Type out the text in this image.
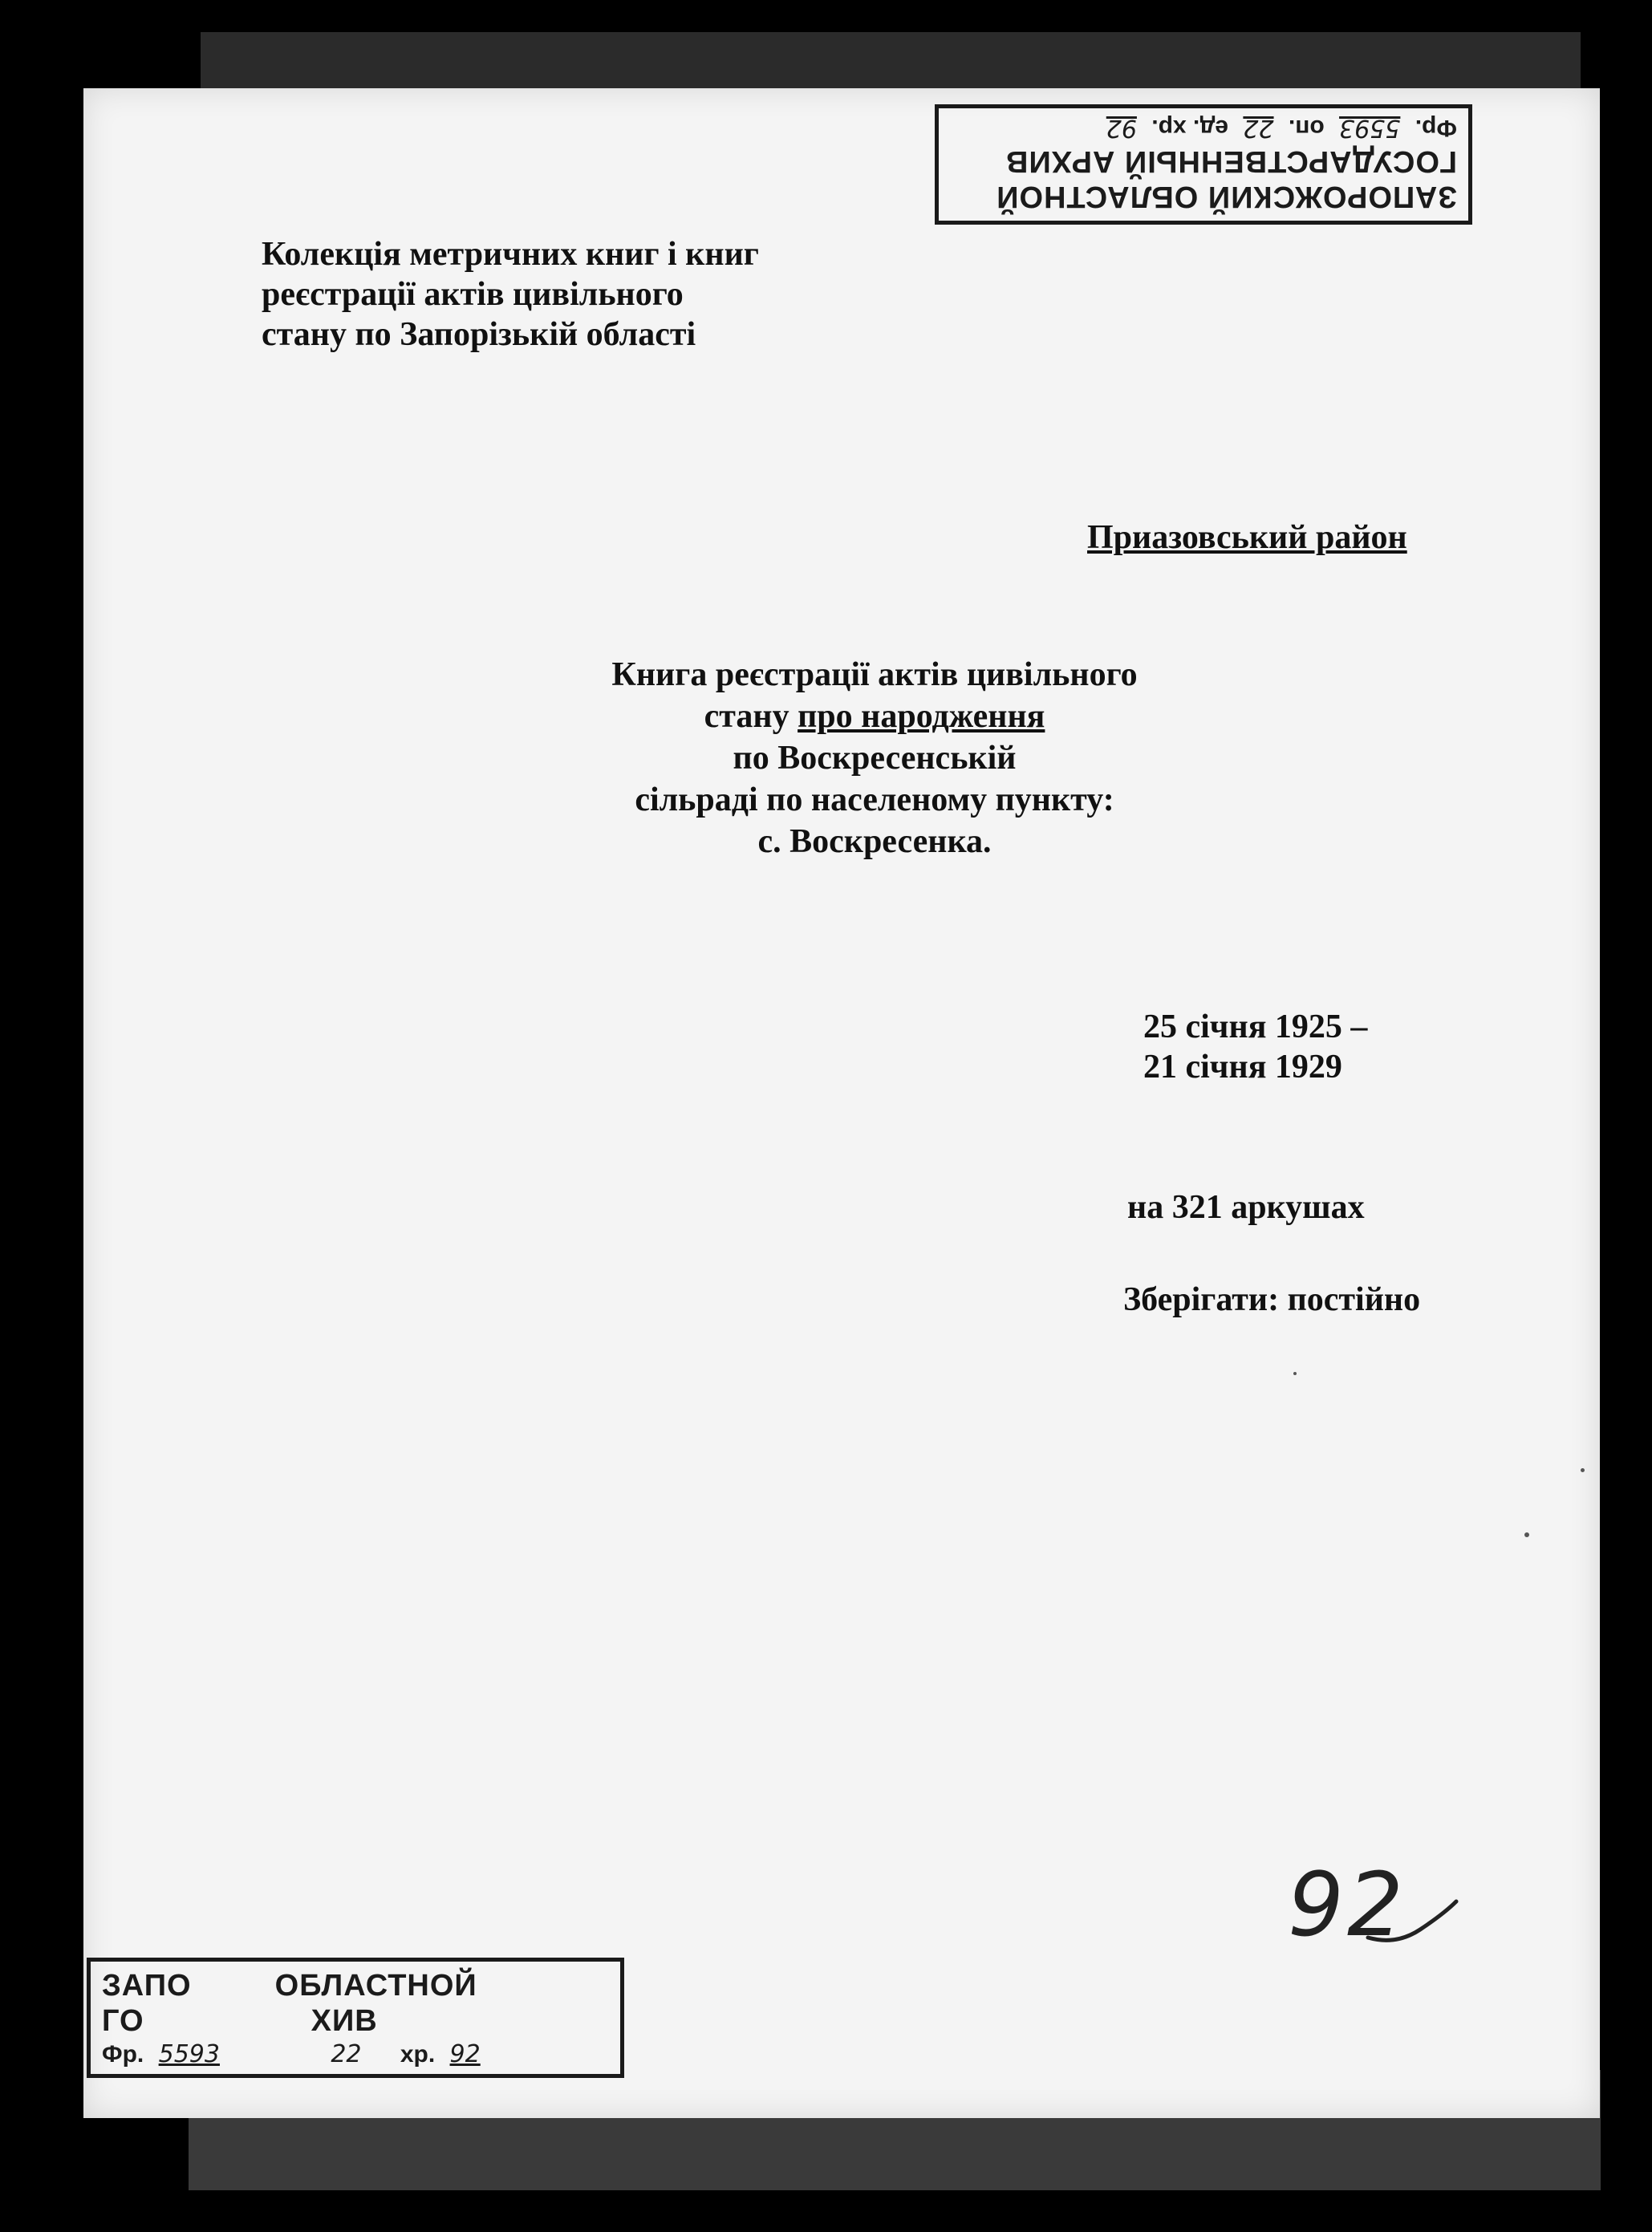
ЗАПОРОЖСКИЙ ОБЛАСТНОЙ
ГОСУДАРСТВЕННЫЙ АРХИВ
Фр. 5593 оп. 22 ед. хр. 92
Колекція метричних книг і книг
реєстрації актів цивільного
стану по Запорізькій області
Приазовський район
Книга реєстрації актів цивільного
стану про народження
по Воскресенській
сільраді по населеному пункту:
с. Воскресенка.
25 січня 1925 –
21 січня 1929
на 321 аркушах
Зберігати: постійно
92
ЗАПО         ОБЛАСТНОЙ
ГО                  ХИВ
Фр. 5593	22 хр. 92
